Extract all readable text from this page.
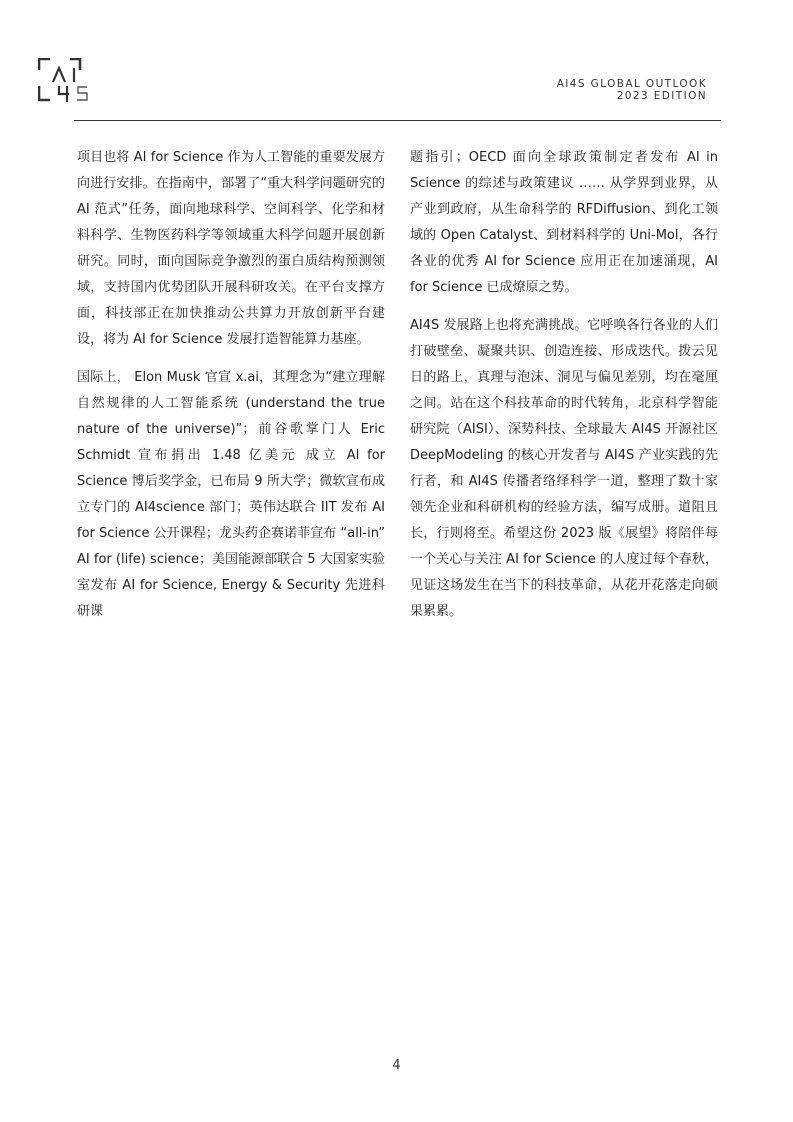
AI4S GLOBAL OUTLOOK
2023 EDITION

项目也将 AI for Science 作为人工智能的重要发展方向进行安排。在指南中，部署了“重大科学问题研究的 AI 范式”任务，面向地球科学、空间科学、化学和材料科学、生物医药科学等领域重大科学问题开展创新研究。同时，面向国际竞争激烈的蛋白质结构预测领域，支持国内优势团队开展科研攻关。在平台支撑方面，科技部正在加快推动公共算力开放创新平台建设，将为 AI for Science 发展打造智能算力基座。

国际上， Elon Musk 官宣 x.ai，其理念为“建立理解自然规律的人工智能系统 (understand the true nature of the universe)”；前谷歌掌门人 Eric Schmidt 宣布捐出 1.48 亿美元 成立 AI for Science 博后奖学金，已布局 9 所大学；微软宣布成立专门的 AI4science 部门；英伟达联合 IIT 发布 AI for Science 公开课程；龙头药企赛诺菲宣布 “all-in” AI for (life) science；美国能源部联合 5 大国家实验室发布 AI for Science, Energy & Security 先进科研课

题指引；OECD 面向全球政策制定者发布 AI in Science 的综述与政策建议 …… 从学界到业界，从产业到政府，从生命科学的 RFDiffusion、到化工领域的 Open Catalyst、到材料科学的 Uni-Mol，各行各业的优秀 AI for Science 应用正在加速涌现，AI for Science 已成燎原之势。

AI4S 发展路上也将充满挑战。它呼唤各行各业的人们打破壁垒、凝聚共识、创造连接、形成迭代。拨云见日的路上，真理与泡沫、洞见与偏见差别，均在毫厘之间。站在这个科技革命的时代转角，北京科学智能研究院（AISI）、深势科技、全球最大 AI4S 开源社区 DeepModeling 的核心开发者与 AI4S 产业实践的先行者，和 AI4S 传播者络绎科学一道，整理了数十家领先企业和科研机构的经验方法，编写成册。道阻且长，行则将至。希望这份 2023 版《展望》将陪伴每一个关心与关注 AI for Science 的人度过每个春秋，见证这场发生在当下的科技革命，从花开花落走向硕果累累。

4
